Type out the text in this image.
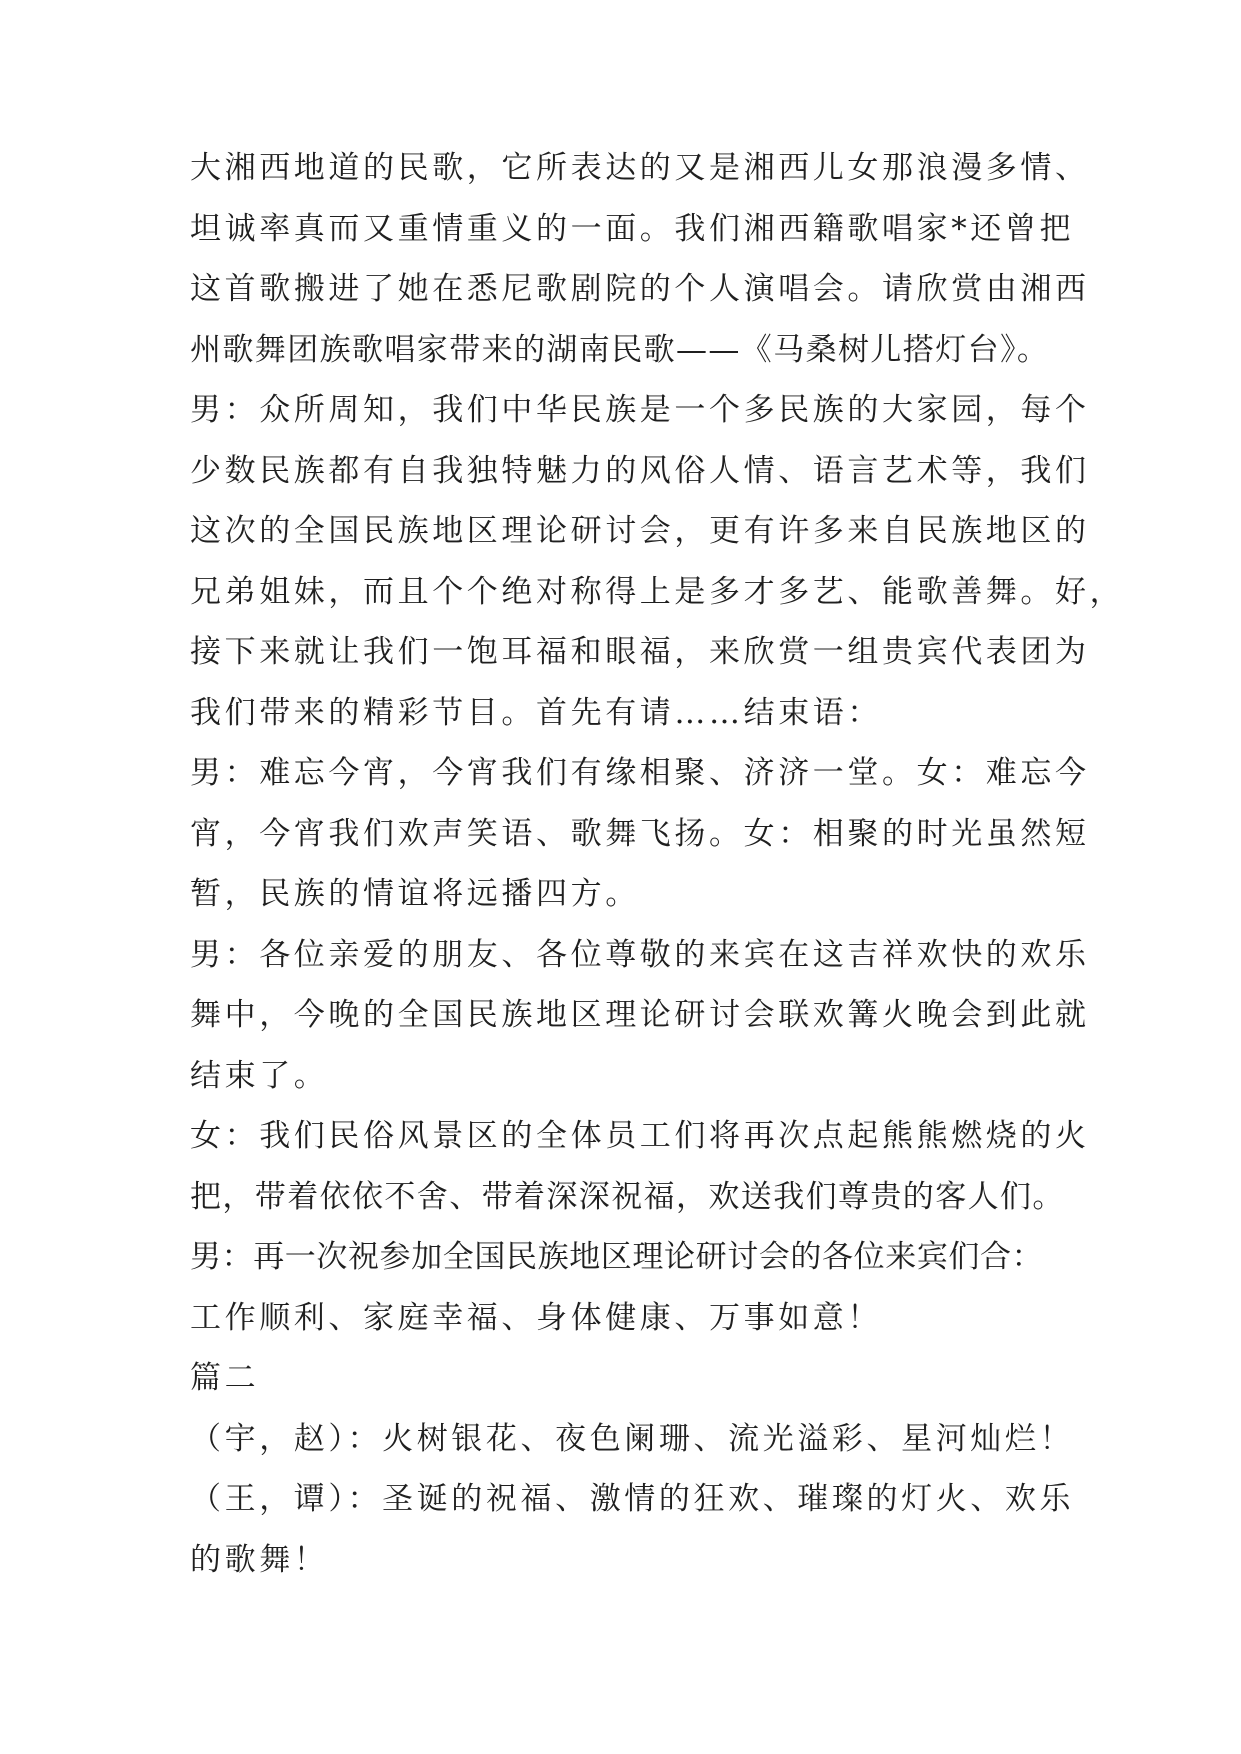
大湘西地道的民歌，它所表达的又是湘西儿女那浪漫多情、
坦诚率真而又重情重义的一面。我们湘西籍歌唱家*还曾把
这首歌搬进了她在悉尼歌剧院的个人演唱会。请欣赏由湘西
州歌舞团族歌唱家带来的湖南民歌——《马桑树儿搭灯台》。
男：众所周知，我们中华民族是一个多民族的大家园，每个
少数民族都有自我独特魅力的风俗人情、语言艺术等，我们
这次的全国民族地区理论研讨会，更有许多来自民族地区的
兄弟姐妹，而且个个绝对称得上是多才多艺、能歌善舞。好，
接下来就让我们一饱耳福和眼福，来欣赏一组贵宾代表团为
我们带来的精彩节目。首先有请……结束语：
男：难忘今宵，今宵我们有缘相聚、济济一堂。女：难忘今
宵，今宵我们欢声笑语、歌舞飞扬。女：相聚的时光虽然短
暂，民族的情谊将远播四方。
男：各位亲爱的朋友、各位尊敬的来宾在这吉祥欢快的欢乐
舞中，今晚的全国民族地区理论研讨会联欢篝火晚会到此就
结束了。
女：我们民俗风景区的全体员工们将再次点起熊熊燃烧的火
把，带着依依不舍、带着深深祝福，欢送我们尊贵的客人们。
男：再一次祝参加全国民族地区理论研讨会的各位来宾们合：
工作顺利、家庭幸福、身体健康、万事如意！
篇二
（宇，赵）：火树银花、夜色阑珊、流光溢彩、星河灿烂！
（王，谭）：圣诞的祝福、激情的狂欢、璀璨的灯火、欢乐
的歌舞！
